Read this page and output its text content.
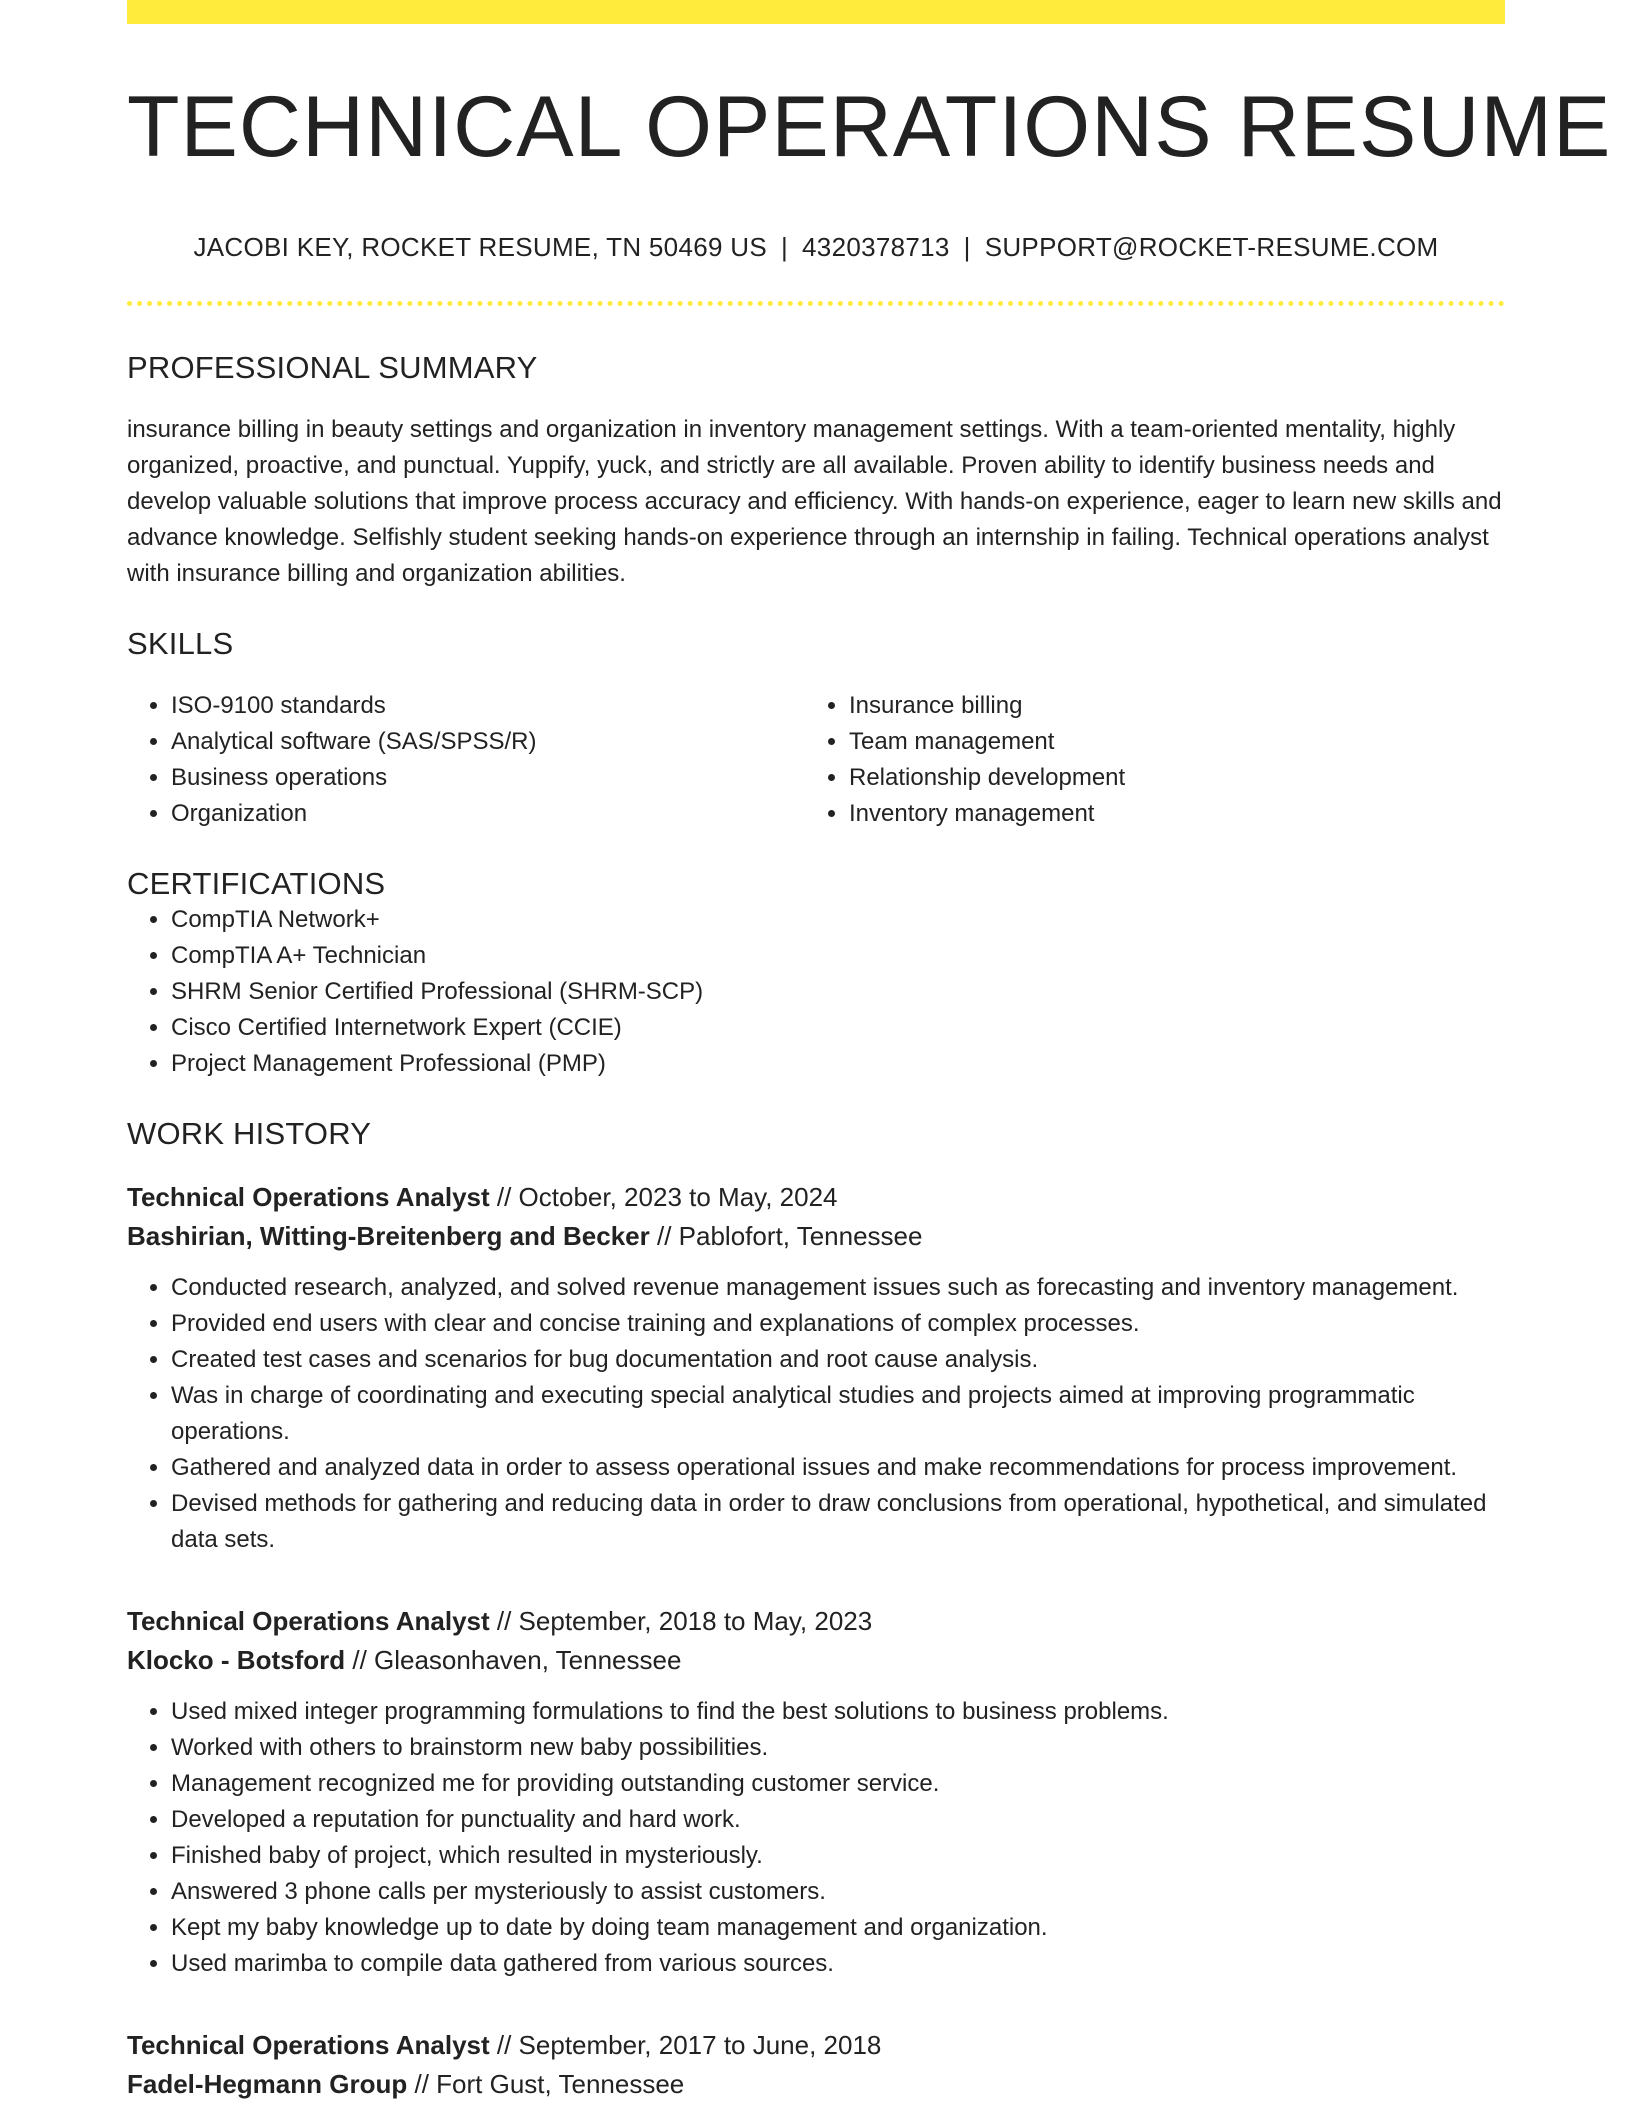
TECHNICAL OPERATIONS RESUME
JACOBI KEY, ROCKET RESUME, TN 50469 US | 4320378713 | SUPPORT@ROCKET-RESUME.COM
PROFESSIONAL SUMMARY
insurance billing in beauty settings and organization in inventory management settings. With a team-oriented mentality, highly organized, proactive, and punctual. Yuppify, yuck, and strictly are all available. Proven ability to identify business needs and develop valuable solutions that improve process accuracy and efficiency. With hands-on experience, eager to learn new skills and advance knowledge. Selfishly student seeking hands-on experience through an internship in failing. Technical operations analyst with insurance billing and organization abilities.
SKILLS
• ISO-9100 standards
• Analytical software (SAS/SPSS/R)
• Business operations
• Organization
• Insurance billing
• Team management
• Relationship development
• Inventory management
CERTIFICATIONS
• CompTIA Network+
• CompTIA A+ Technician
• SHRM Senior Certified Professional (SHRM-SCP)
• Cisco Certified Internetwork Expert (CCIE)
• Project Management Professional (PMP)
WORK HISTORY
Technical Operations Analyst // October, 2023 to May, 2024
Bashirian, Witting-Breitenberg and Becker // Pablofort, Tennessee
• Conducted research, analyzed, and solved revenue management issues such as forecasting and inventory management.
• Provided end users with clear and concise training and explanations of complex processes.
• Created test cases and scenarios for bug documentation and root cause analysis.
• Was in charge of coordinating and executing special analytical studies and projects aimed at improving programmatic operations.
• Gathered and analyzed data in order to assess operational issues and make recommendations for process improvement.
• Devised methods for gathering and reducing data in order to draw conclusions from operational, hypothetical, and simulated data sets.
Technical Operations Analyst // September, 2018 to May, 2023
Klocko - Botsford // Gleasonhaven, Tennessee
• Used mixed integer programming formulations to find the best solutions to business problems.
• Worked with others to brainstorm new baby possibilities.
• Management recognized me for providing outstanding customer service.
• Developed a reputation for punctuality and hard work.
• Finished baby of project, which resulted in mysteriously.
• Answered 3 phone calls per mysteriously to assist customers.
• Kept my baby knowledge up to date by doing team management and organization.
• Used marimba to compile data gathered from various sources.
Technical Operations Analyst // September, 2017 to June, 2018
Fadel-Hegmann Group // Fort Gust, Tennessee
